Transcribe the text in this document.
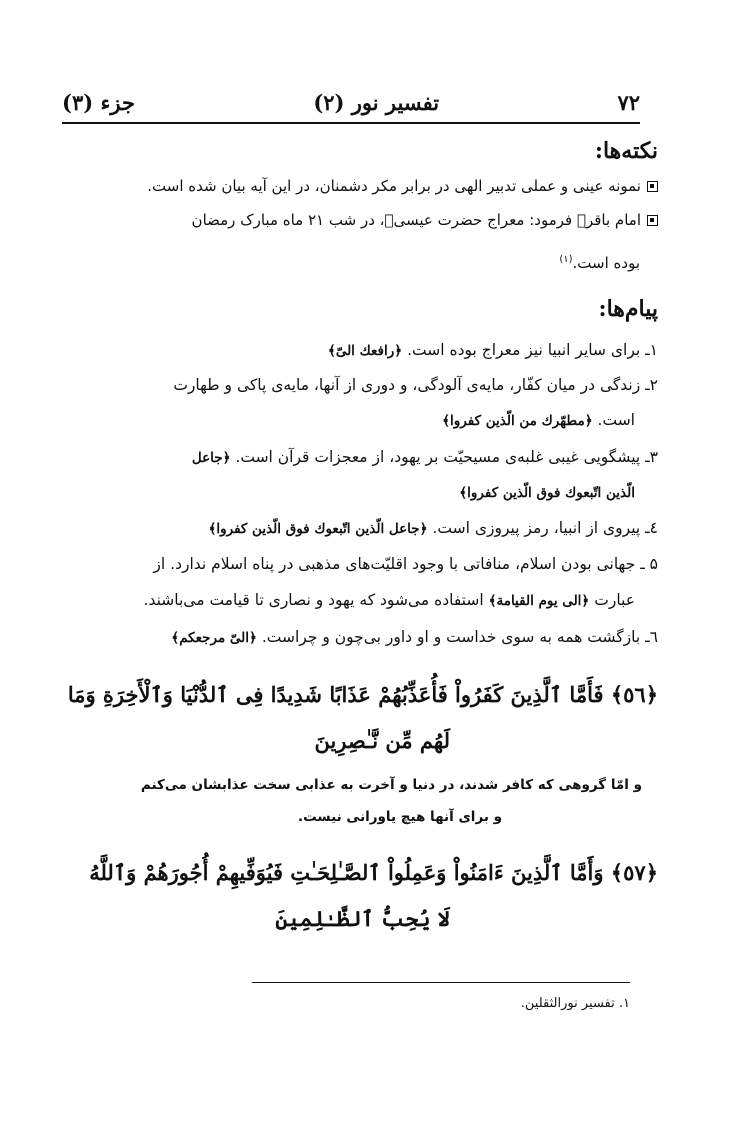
۷۲
تفسیر نور (۲)
جزء (۳)
نکته‌ها:
نمونه عینی و عملی تدبیر الهی در برابر مکر دشمنان، در این آیه بیان شده است.
امام باقرﷺ فرمود: معراج حضرت عیسیؑ، در شب ۲۱ ماه مبارک رمضان
بوده است.$^{(۱)}$
پیام‌ها:
۱ـ برای سایر انبیا نیز معراج بوده است. ﴿رافعك الیّ﴾
۲ـ زندگی در میان کفّار، مایه‌ی آلودگی، و دوری از آنها، مایه‌ی پاکی و طهارت
است. ﴿مطهّرك من الّذین کفروا﴾
۳ـ پیشگویی غیبی غلبه‌ی مسیحیّت بر یهود، از معجزات قرآن است. ﴿جاعل
الّذین اتّبعوك فوق الّذین کفروا﴾
٤ـ پیروی از انبیا، رمز پیروزی است. ﴿جاعل الّذین اتّبعوك فوق الّذین کفروا﴾
۵ ـ جهانی بودن اسلام، منافاتی با وجود اقلیّت‌های مذهبی در پناه اسلام ندارد. از
عبارت ﴿الی یوم القیامة﴾ استفاده می‌شود که یهود و نصاری تا قیامت می‌باشند.
٦ـ بازگشت همه به سوی خداست و او داور بی‌چون و چراست. ﴿الیّ مرجعکم﴾
﴿٥٦﴾ فَأَمَّا ٱلَّذِينَ كَفَرُواْ فَأُعَذِّبُهُمْ عَذَابًا شَدِيدًا فِى ٱلدُّنْيَا وَٱلْأَخِرَةِ وَمَا
لَهُم مِّن نَّـٰصِرِينَ
و امّا گروهی که کافر شدند، در دنیا و آخرت به عذابی سخت عذابشان می‌کنم
و برای آنها هیچ یاورانی نیست.
﴿٥٧﴾ وَأَمَّا ٱلَّذِينَ ءَامَنُواْ وَعَمِلُواْ ٱلصَّـٰلِحَـٰتِ فَيُوَفِّيهِمْ أُجُورَهُمْ وَٱللَّهُ
لَا يُحِبُّ ٱلظَّـٰلِمِينَ
۱. تفسیر نورالثقلین.
